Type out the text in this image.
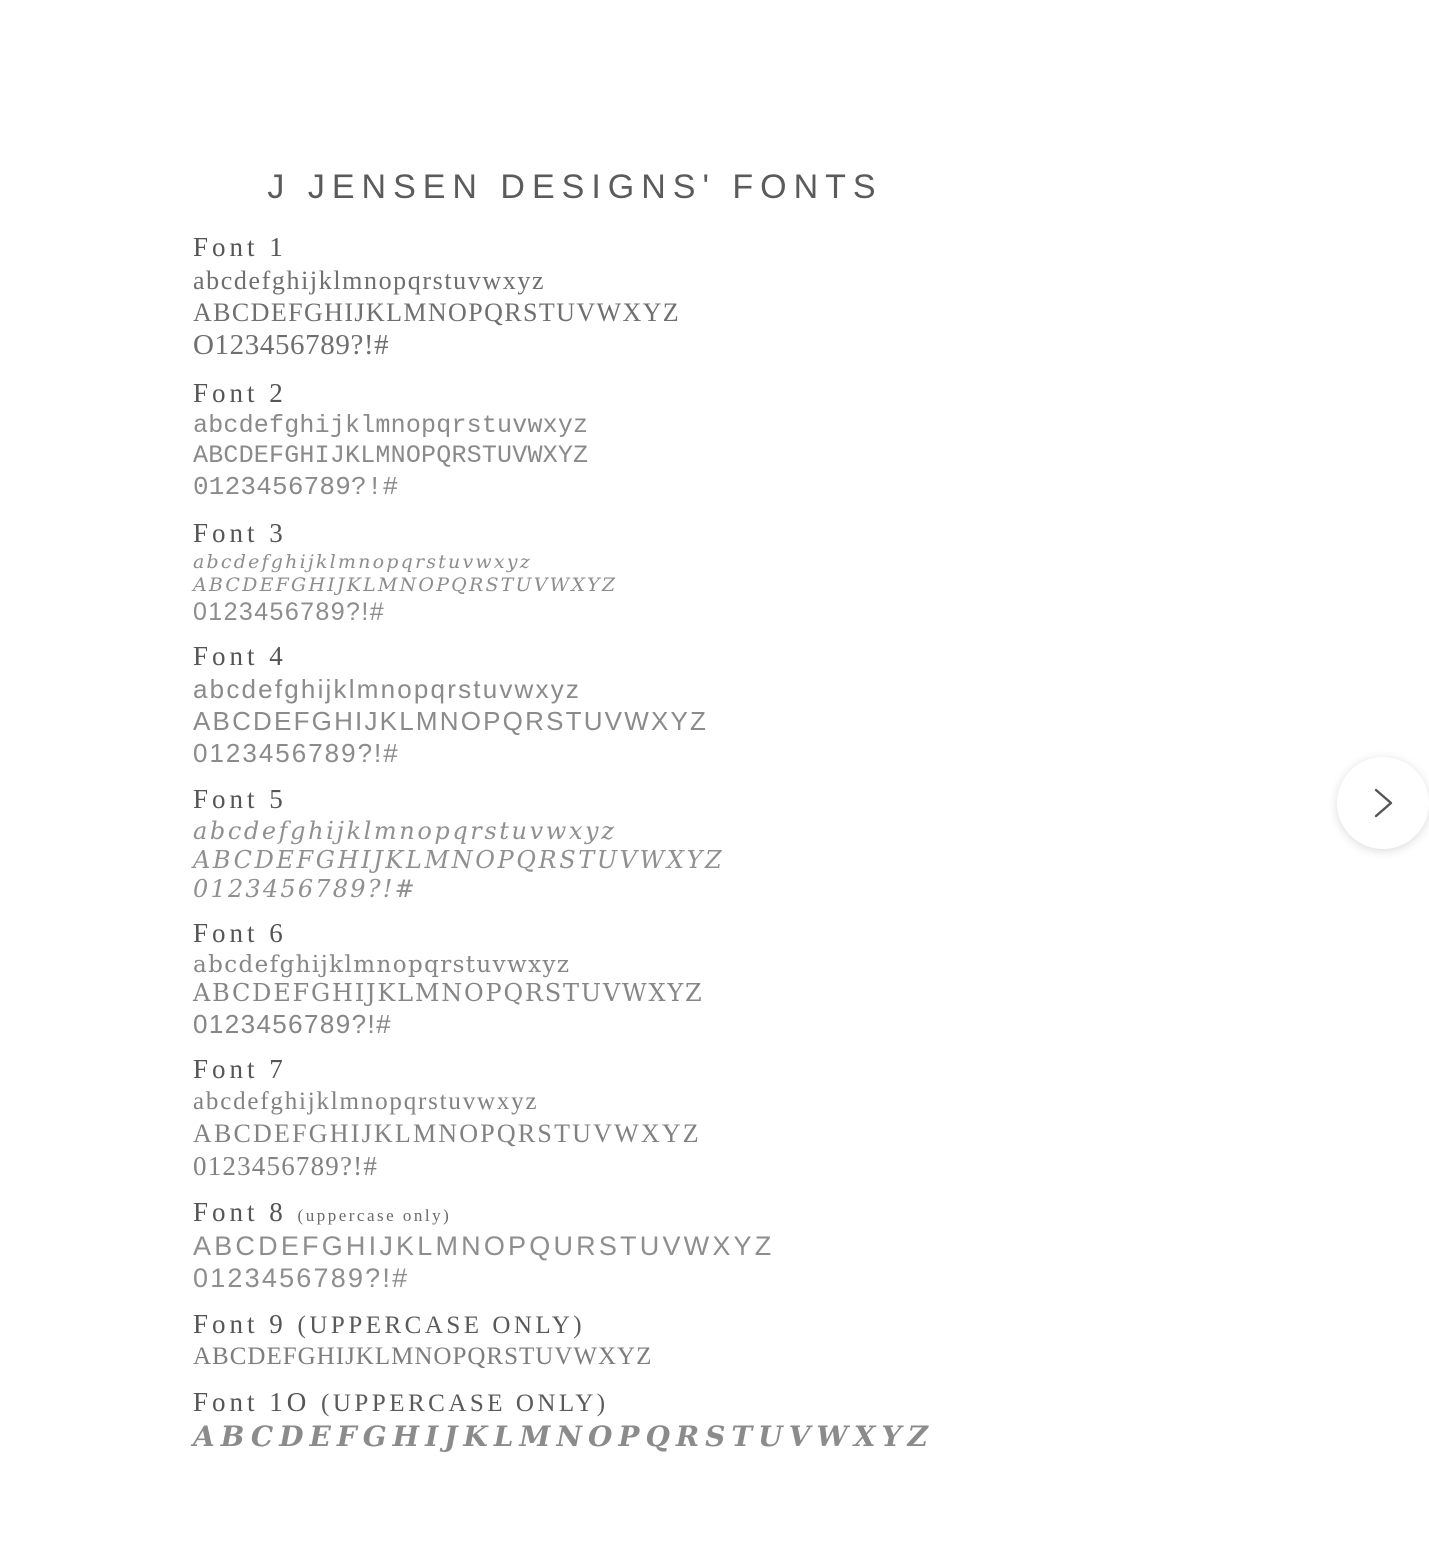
J JENSEN DESIGNS' FONTS
Font 1
abcdefghijklmnopqrstuvwxyz
ABCDEFGHIJKLMNOPQRSTUVWXYZ
O123456789?!#
Font 2
abcdefghijklmnopqrstuvwxyz
ABCDEFGHIJKLMNOPQRSTUVWXYZ
0123456789?!#
Font 3
abcdefghijklmnopqrstuvwxyz
ABCDEFGHIJKLMNOPQRSTUVWXYZ
0123456789?!#
Font 4
abcdefghijklmnopqrstuvwxyz
ABCDEFGHIJKLMNOPQRSTUVWXYZ
0123456789?!#
Font 5
abcdefghijklmnopqrstuvwxyz
ABCDEFGHIJKLMNOPQRSTUVWXYZ
0123456789?!#
Font 6
abcdefghijklmnopqrstuvwxyz
ABCDEFGHIJKLMNOPQRSTUVWXYZ
0123456789?!#
Font 7
abcdefghijklmnopqrstuvwxyz
ABCDEFGHIJKLMNOPQRSTUVWXYZ
0123456789?!#
Font 8 (uppercase only)
ABCDEFGHIJKLMNOPQURSTUVWXYZ
0123456789?!#
Font 9 (UPPERCASE ONLY)
ABCDEFGHIJKLMNOPQRSTUVWXYZ
Font 1O (UPPERCASE ONLY)
ABCDEFGHIJKLMNOPQRSTUVWXYZ
